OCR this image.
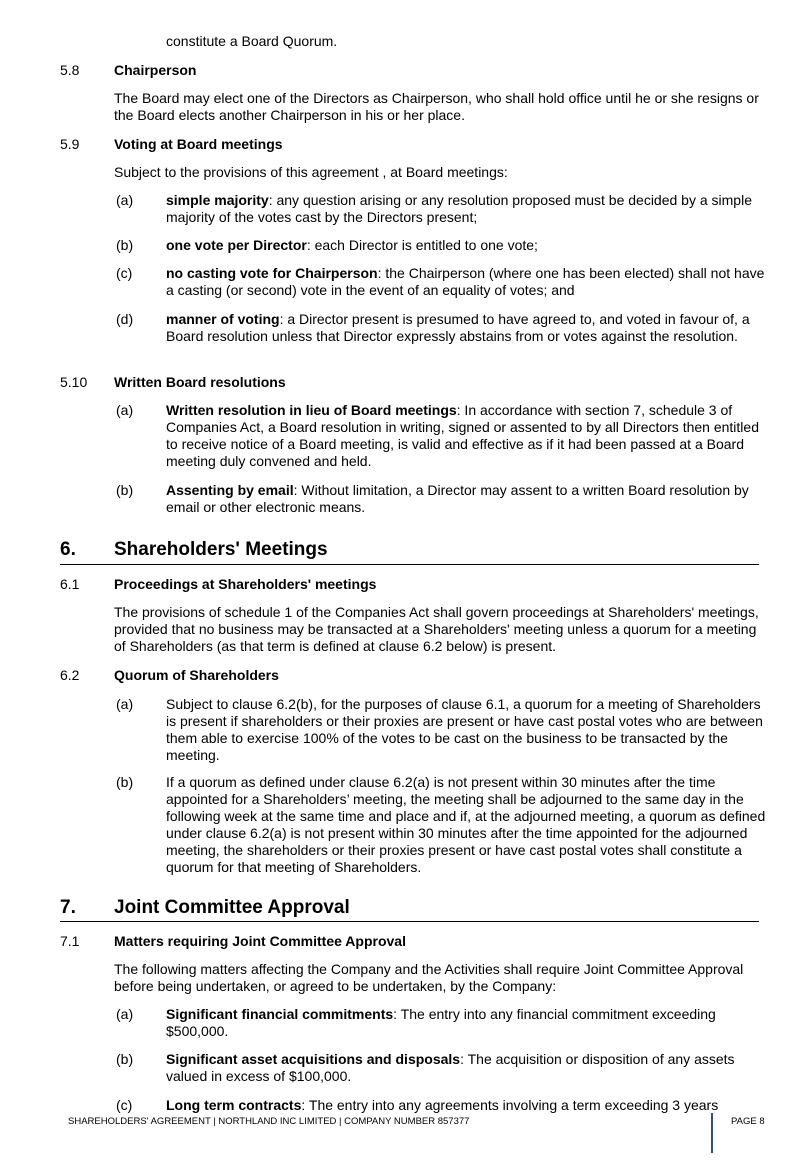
constitute a Board Quorum.

5.8 Chairperson

The Board may elect one of the Directors as Chairperson, who shall hold office until he or she resigns or the Board elects another Chairperson in his or her place.

5.9 Voting at Board meetings

Subject to the provisions of this agreement , at Board meetings:

(a) simple majority: any question arising or any resolution proposed must be decided by a simple majority of the votes cast by the Directors present;

(b) one vote per Director: each Director is entitled to one vote;

(c) no casting vote for Chairperson: the Chairperson (where one has been elected) shall not have a casting (or second) vote in the event of an equality of votes; and

(d) manner of voting: a Director present is presumed to have agreed to, and voted in favour of, a Board resolution unless that Director expressly abstains from or votes against the resolution.

5.10 Written Board resolutions

(a) Written resolution in lieu of Board meetings: In accordance with section 7, schedule 3 of Companies Act, a Board resolution in writing, signed or assented to by all Directors then entitled to receive notice of a Board meeting, is valid and effective as if it had been passed at a Board meeting duly convened and held.

(b) Assenting by email: Without limitation, a Director may assent to a written Board resolution by email or other electronic means.

6. Shareholders' Meetings

6.1 Proceedings at Shareholders' meetings

The provisions of schedule 1 of the Companies Act shall govern proceedings at Shareholders' meetings, provided that no business may be transacted at a Shareholders' meeting unless a quorum for a meeting of Shareholders (as that term is defined at clause 6.2 below) is present.

6.2 Quorum of Shareholders

(a) Subject to clause 6.2(b), for the purposes of clause 6.1, a quorum for a meeting of Shareholders is present if shareholders or their proxies are present or have cast postal votes who are between them able to exercise 100% of the votes to be cast on the business to be transacted by the meeting.

(b) If a quorum as defined under clause 6.2(a) is not present within 30 minutes after the time appointed for a Shareholders’ meeting, the meeting shall be adjourned to the same day in the following week at the same time and place and if, at the adjourned meeting, a quorum as defined under clause 6.2(a) is not present within 30 minutes after the time appointed for the adjourned meeting, the shareholders or their proxies present or have cast postal votes shall constitute a quorum for that meeting of Shareholders.

7. Joint Committee Approval

7.1 Matters requiring Joint Committee Approval

The following matters affecting the Company and the Activities shall require Joint Committee Approval before being undertaken, or agreed to be undertaken, by the Company:

(a) Significant financial commitments: The entry into any financial commitment exceeding $500,000.

(b) Significant asset acquisitions and disposals: The acquisition or disposition of any assets valued in excess of $100,000.

(c) Long term contracts: The entry into any agreements involving a term exceeding 3 years

SHAREHOLDERS' AGREEMENT | NORTHLAND INC LIMITED | COMPANY NUMBER 857377	PAGE 8
